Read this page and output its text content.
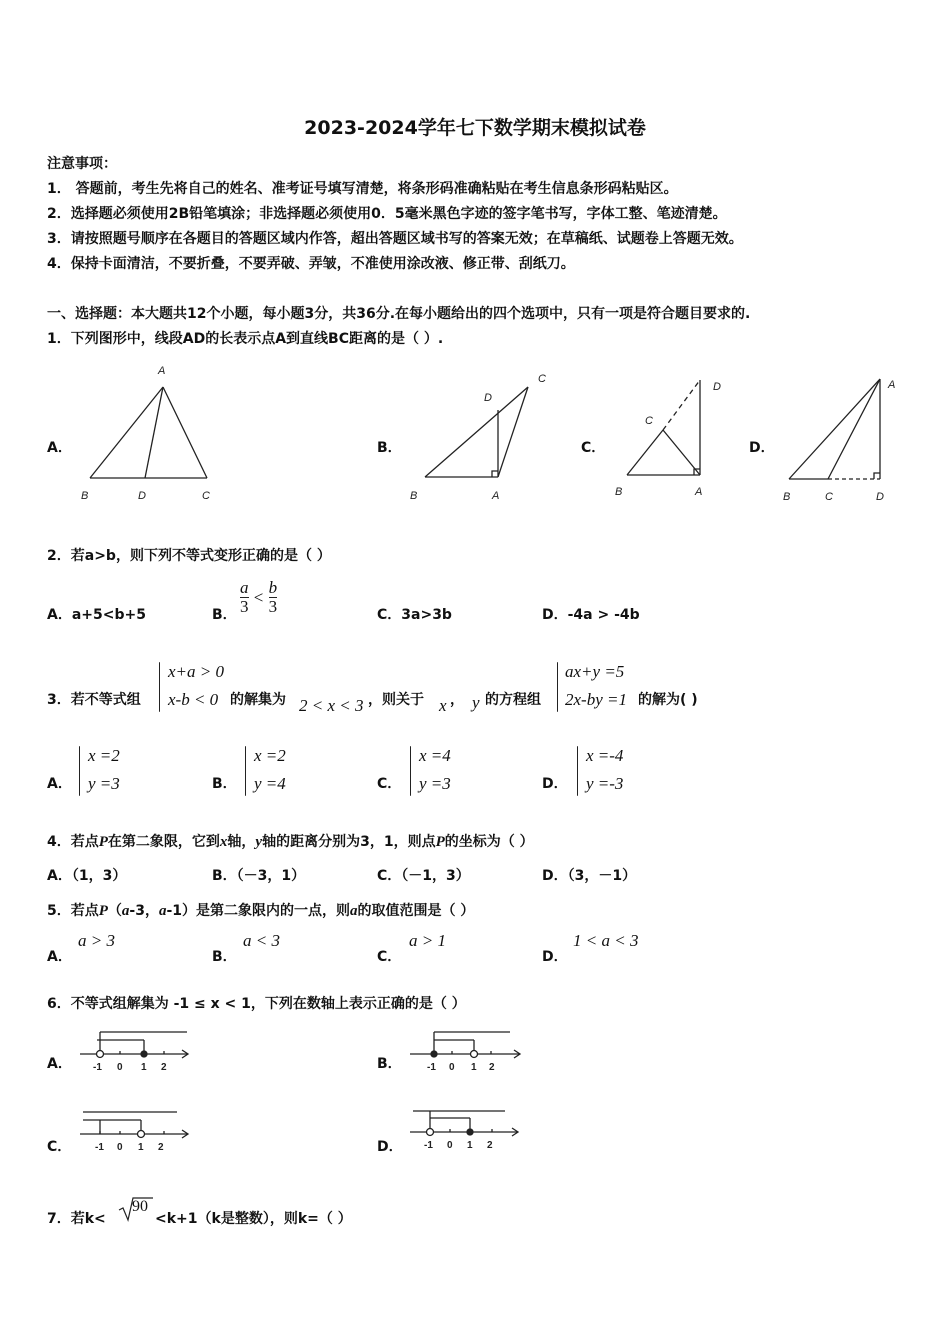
2023-2024学年七下数学期末模拟试卷
注意事项：
1． 答题前，考生先将自己的姓名、准考证号填写清楚，将条形码准确粘贴在考生信息条形码粘贴区。
2．选择题必须使用2B铅笔填涂；非选择题必须使用0．5毫米黑色字迹的签字笔书写，字体工整、笔迹清楚。
3．请按照题号顺序在各题目的答题区域内作答，超出答题区域书写的答案无效；在草稿纸、试题卷上答题无效。
4．保持卡面清洁，不要折叠，不要弄破、弄皱，不准使用涂改液、修正带、刮纸刀。
一、选择题：本大题共12个小题，每小题3分，共36分.在每小题给出的四个选项中，只有一项是符合题目要求的.
1．下列图形中，线段AD的长表示点A到直线BC距离的是（ ）.
A．
A
B	D	C
B．
C
D
B	A
C．
D
C
B	A
D．
A
B	C	D
2．若a>b，则下列不等式变形正确的是（ ）
A．a+5<b+5	B． $\frac{a}{3} < \frac{b}{3}$	C．3a>3b	D．-4a > -4b
3．若不等式组
x+a > 0
x-b < 0 的解集为 2 < x < 3 ，则关于 x ， y 的方程组
ax+y =5
2x-by =1 的解为( )
A．
x =2
y =3	B．
x =2
y =4	C．
x =4
y =3	D．
x =-4
y =-3
4．若点P在第二象限，它到x轴，y轴的距离分别为3，1，则点P的坐标为（ ）
A．（1，3）	B．（－3，1）	C．（－1，3）	D．（3，－1）
5．若点P（a-3，a-1）是第二象限内的一点，则a的取值范围是（ ）
A．
a > 3
B．
a < 3
C．
a > 1
D．
1 < a < 3
6．不等式组解集为 -1 ≤ x < 1，下列在数轴上表示正确的是（ ）
A． -1 0 1 2	B．	-1 0 1 2
C． -1 0 1 2	D． -1 0 1 2
7．若k<
90
<k+1（k是整数），则k=（ ）
